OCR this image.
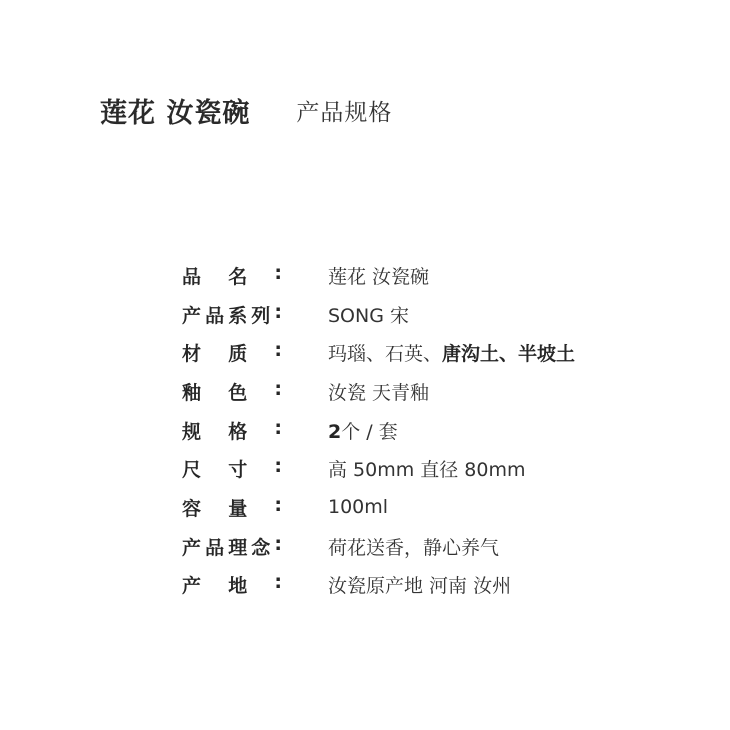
莲花 汝瓷碗 产品规格
品 名 : 莲花 汝瓷碗
产 品 系 列 : SONG 宋
材 质 : 玛瑙、石英、唐沟土、半坡土
釉 色 : 汝瓷 天青釉
规 格 : 2个 / 套
尺 寸 : 高 50mm 直径 80mm
容 量 : 100ml
产 品 理 念 : 荷花送香，静心养气
产 地 : 汝瓷原产地 河南 汝州
